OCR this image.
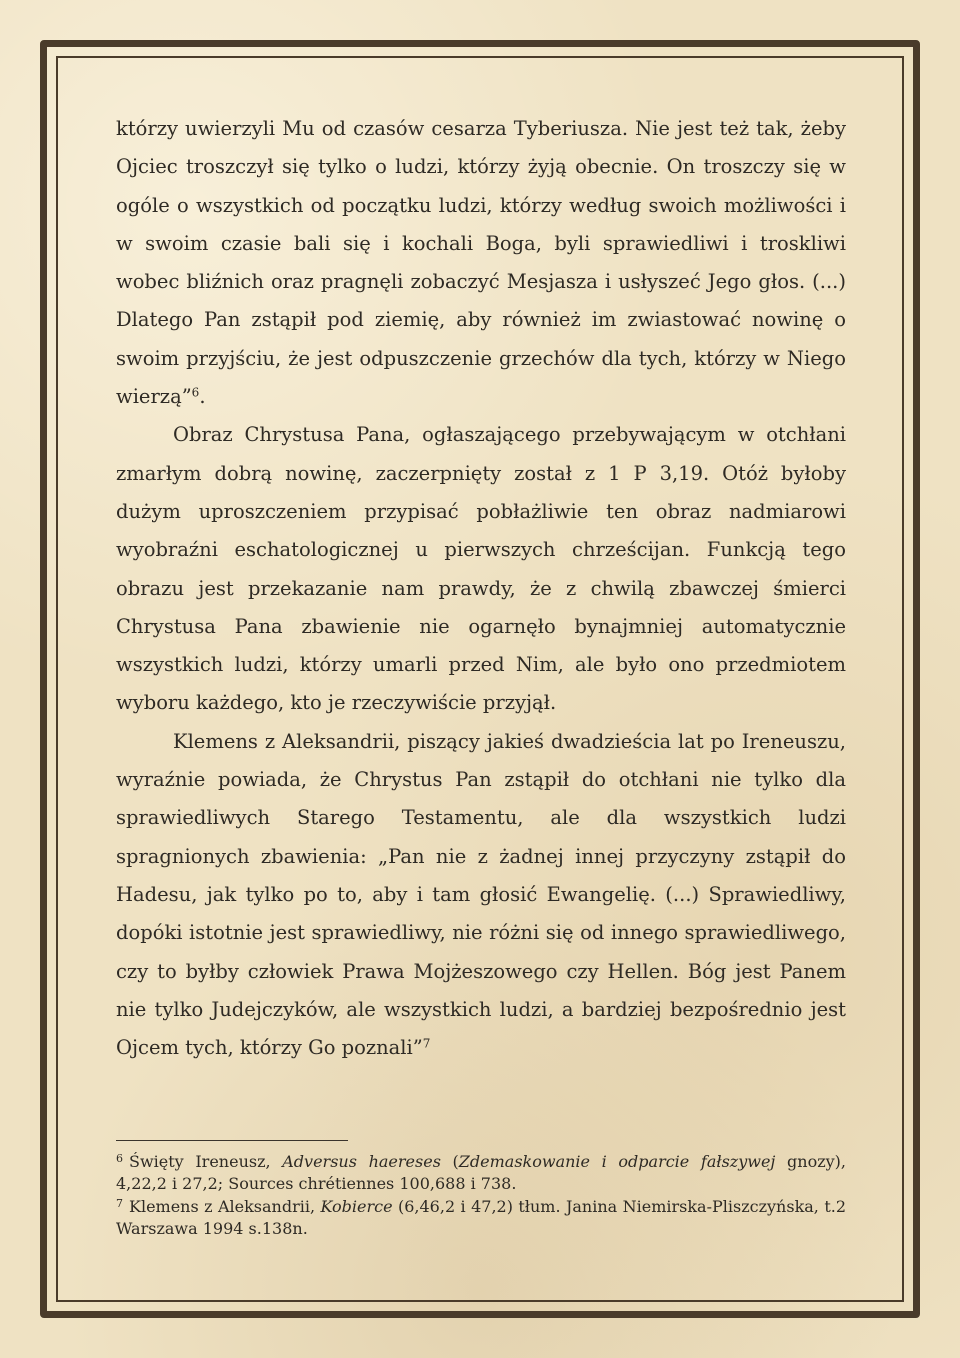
którzy uwierzyli Mu od czasów cesarza Tyberiusza. Nie jest też tak, żeby Ojciec troszczył się tylko o ludzi, którzy żyją obecnie. On troszczy się w ogóle o wszystkich od początku ludzi, którzy według swoich możliwości i w swoim czasie bali się i kochali Boga, byli sprawiedliwi i troskliwi wobec bliźnich oraz pragnęli zobaczyć Mesjasza i usłyszeć Jego głos. (...) Dlatego Pan zstąpił pod ziemię, aby również im zwiastować nowinę o swoim przyjściu, że jest odpuszczenie grzechów dla tych, którzy w Niego wierzą”$^6$.

Obraz Chrystusa Pana, ogłaszającego przebywającym w otchłani zmarłym dobrą nowinę, zaczerpnięty został z 1 P 3,19. Otóż byłoby dużym uproszczeniem przypisać pobłażliwie ten obraz nadmiarowi wyobraźni eschatologicznej u pierwszych chrześcijan. Funkcją tego obrazu jest przekazanie nam prawdy, że z chwilą zbawczej śmierci Chrystusa Pana zbawienie nie ogarnęło bynajmniej automatycznie wszystkich ludzi, którzy umarli przed Nim, ale było ono przedmiotem wyboru każdego, kto je rzeczywiście przyjął.

Klemens z Aleksandrii, piszący jakieś dwadzieścia lat po Ireneuszu, wyraźnie powiada, że Chrystus Pan zstąpił do otchłani nie tylko dla sprawiedliwych Starego Testamentu, ale dla wszystkich ludzi spragnionych zbawienia: „Pan nie z żadnej innej przyczyny zstąpił do Hadesu, jak tylko po to, aby i tam głosić Ewangelię. (...) Sprawiedliwy, dopóki istotnie jest sprawiedliwy, nie różni się od innego sprawiedliwego, czy to byłby człowiek Prawa Mojżeszowego czy Hellen. Bóg jest Panem nie tylko Judejczyków, ale wszystkich ludzi, a bardziej bezpośrednio jest Ojcem tych, którzy Go poznali”$^7$

$^6$ Święty Ireneusz, Adversus haereses (Zdemaskowanie i odparcie fałszywej gnozy), 4,22,2 i 27,2; Sources chrétiennes 100,688 i 738.

$^7$ Klemens z Aleksandrii, Kobierce (6,46,2 i 47,2) tłum. Janina Niemirska-Pliszczyńska, t.2 Warszawa 1994 s.138n.
